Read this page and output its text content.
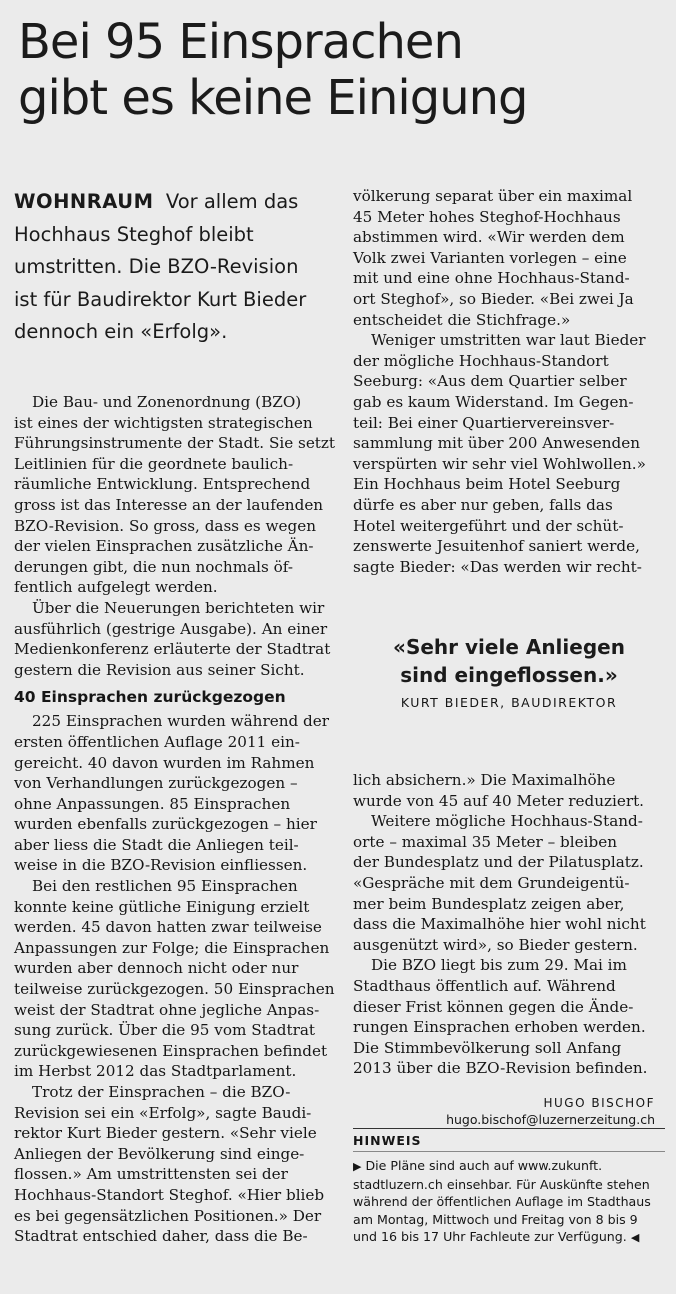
Bei 95 Einsprachen
gibt es keine Einigung
WOHNRAUM Vor allem das
Hochhaus Steghof bleibt
umstritten. Die BZO-Revision
ist für Baudirektor Kurt Bieder
dennoch ein «Erfolg».
Die Bau- und Zonenordnung (BZO)
ist eines der wichtigsten strategischen
Führungsinstrumente der Stadt. Sie setzt
Leitlinien für die geordnete baulich-
räumliche Entwicklung. Entsprechend
gross ist das Interesse an der laufenden
BZO-Revision. So gross, dass es wegen
der vielen Einsprachen zusätzliche Än-
derungen gibt, die nun nochmals öf-
fentlich aufgelegt werden.
Über die Neuerungen berichteten wir
ausführlich (gestrige Ausgabe). An einer
Medienkonferenz erläuterte der Stadtrat
gestern die Revision aus seiner Sicht.
40 Einsprachen zurückgezogen
225 Einsprachen wurden während der
ersten öffentlichen Auflage 2011 ein-
gereicht. 40 davon wurden im Rahmen
von Verhandlungen zurückgezogen –
ohne Anpassungen. 85 Einsprachen
wurden ebenfalls zurückgezogen – hier
aber liess die Stadt die Anliegen teil-
weise in die BZO-Revision einfliessen.
Bei den restlichen 95 Einsprachen
konnte keine gütliche Einigung erzielt
werden. 45 davon hatten zwar teilweise
Anpassungen zur Folge; die Einsprachen
wurden aber dennoch nicht oder nur
teilweise zurückgezogen. 50 Einsprachen
weist der Stadtrat ohne jegliche Anpas-
sung zurück. Über die 95 vom Stadtrat
zurückgewiesenen Einsprachen befindet
im Herbst 2012 das Stadtparlament.
Trotz der Einsprachen – die BZO-
Revision sei ein «Erfolg», sagte Baudi-
rektor Kurt Bieder gestern. «Sehr viele
Anliegen der Bevölkerung sind einge-
flossen.» Am umstrittensten sei der
Hochhaus-Standort Steghof. «Hier blieb
es bei gegensätzlichen Positionen.» Der
Stadtrat entschied daher, dass die Be-
völkerung separat über ein maximal
45 Meter hohes Steghof-Hochhaus
abstimmen wird. «Wir werden dem
Volk zwei Varianten vorlegen – eine
mit und eine ohne Hochhaus-Stand-
ort Steghof», so Bieder. «Bei zwei Ja
entscheidet die Stichfrage.»
Weniger umstritten war laut Bieder
der mögliche Hochhaus-Standort
Seeburg: «Aus dem Quartier selber
gab es kaum Widerstand. Im Gegen-
teil: Bei einer Quartiervereinsver-
sammlung mit über 200 Anwesenden
verspürten wir sehr viel Wohlwollen.»
Ein Hochhaus beim Hotel Seeburg
dürfe es aber nur geben, falls das
Hotel weitergeführt und der schüt-
zenswerte Jesuitenhof saniert werde,
sagte Bieder: «Das werden wir recht-
«Sehr viele Anliegen
sind eingeflossen.»
KURT BIEDER, BAUDIREKTOR
lich absichern.» Die Maximalhöhe
wurde von 45 auf 40 Meter reduziert.
Weitere mögliche Hochhaus-Stand-
orte – maximal 35 Meter – bleiben
der Bundesplatz und der Pilatusplatz.
«Gespräche mit dem Grundeigentü-
mer beim Bundesplatz zeigen aber,
dass die Maximalhöhe hier wohl nicht
ausgenützt wird», so Bieder gestern.
Die BZO liegt bis zum 29. Mai im
Stadthaus öffentlich auf. Während
dieser Frist können gegen die Ände-
rungen Einsprachen erhoben werden.
Die Stimmbevölkerung soll Anfang
2013 über die BZO-Revision befinden.
HUGO BISCHOF
hugo.bischof@luzernerzeitung.ch
HINWEIS
▶ Die Pläne sind auch auf www.zukunft.
stadtluzern.ch einsehbar. Für Auskünfte stehen
während der öffentlichen Auflage im Stadthaus
am Montag, Mittwoch und Freitag von 8 bis 9
und 16 bis 17 Uhr Fachleute zur Verfügung. ◀
